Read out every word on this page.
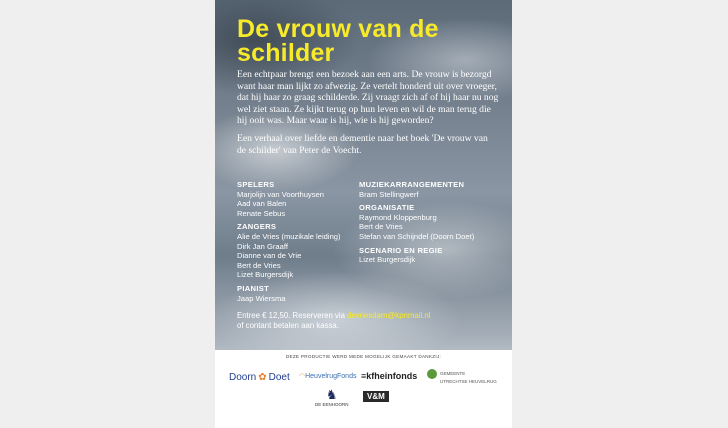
De vrouw van de schilder

Een echtpaar brengt een bezoek aan een arts. De vrouw is bezorgd want haar man lijkt zo afwezig. Ze vertelt honderd uit over vroeger, dat hij haar zo graag schilderde. Zij vraagt zich af of hij haar nu nog wel ziet staan. Ze kijkt terug op hun leven en wil de man terug die hij ooit was. Maar waar is hij, wie is hij geworden?

Een verhaal over liefde en dementie naar het boek 'De vrouw van de schilder' van Peter de Voecht.

SPELERS
Marjolijn van Voorthuysen
Aad van Balen
Renate Sebus
ZANGERS
Alie de Vries (muzikale leiding)
Dirk Jan Graaff
Dianne van de Vrie
Bert de Vries
Lizet Burgersdijk
PIANIST
Jaap Wiersma
MUZIEKARRANGEMENTEN
Bram Stellingwerf
ORGANISATIE
Raymond Kloppenburg
Bert de Vries
Stefan van Schijndel (Doorn Doet)
SCENARIO EN REGIE
Lizet Burgersdijk
Entree € 12,50. Reserveren via devriesdam@kpnmail.nl
of contant betalen aan kassa.
DEZE PRODUCTIE WERD MEDE MOGELIJK GEMAAKT DANKZIJ:
Doorn ✿ Doet ◠HeuvelrugFonds ≡kfheinfonds	GEMEENTE
UTRECHTSE HEUVELRUG
♞
DE EENHOORN
V&M
